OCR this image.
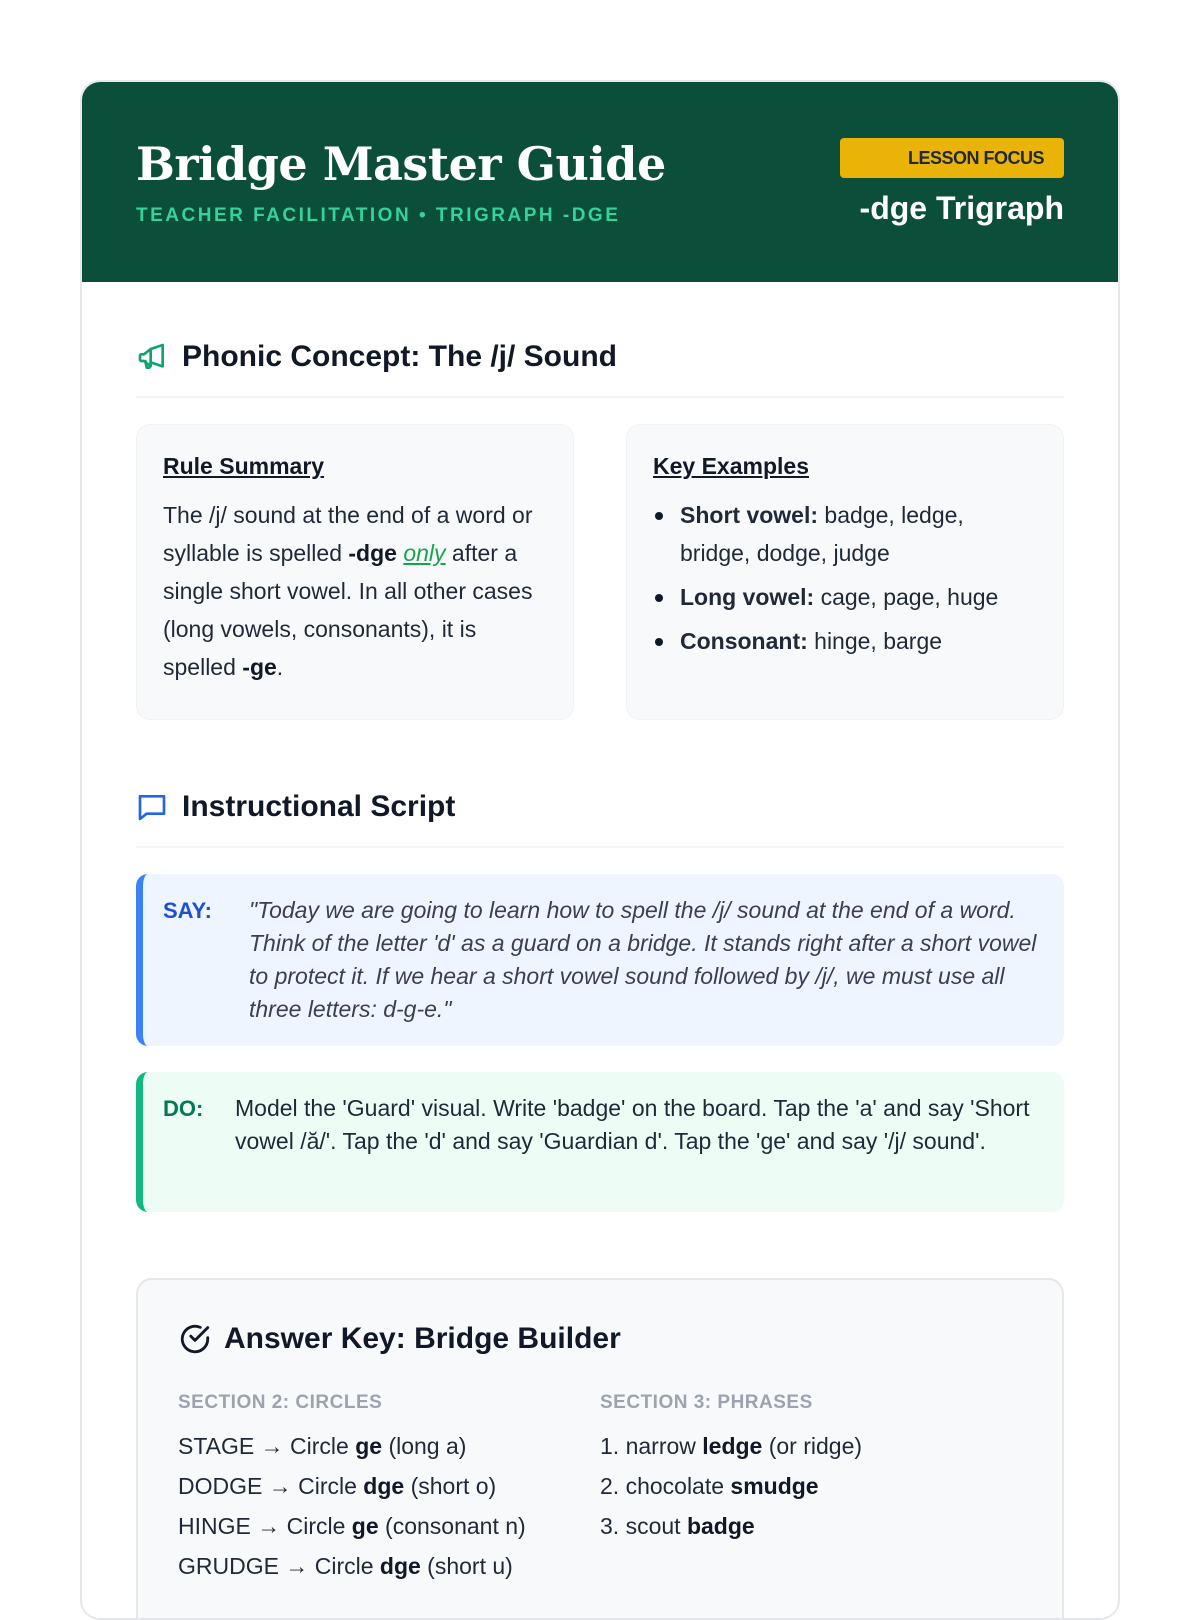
Bridge Master Guide
TEACHER FACILITATION • TRIGRAPH -DGE
LESSON FOCUS
-dge Trigraph
Phonic Concept: The /j/ Sound
Rule Summary

The /j/ sound at the end of a word or syllable is spelled -dge only after a single short vowel. In all other cases (long vowels, consonants), it is spelled -ge.

Key Examples
Short vowel: badge, ledge, bridge, dodge, judge
Long vowel: cage, page, huge
Consonant: hinge, barge
Instructional Script
SAY:	"Today we are going to learn how to spell the /j/ sound at the end of a word. Think of the letter 'd' as a guard on a bridge. It stands right after a short vowel to protect it. If we hear a short vowel sound followed by /j/, we must use all three letters: d-g-e."
DO:	Model the 'Guard' visual. Write 'badge' on the board. Tap the 'a' and say 'Short vowel /ă/'. Tap the 'd' and say 'Guardian d'. Tap the 'ge' and say '/j/ sound'.
Answer Key: Bridge Builder
SECTION 2: CIRCLES
STAGE → Circle ge (long a)
DODGE → Circle dge (short o)
HINGE → Circle ge (consonant n)
GRUDGE → Circle dge (short u)
SECTION 3: PHRASES
1. narrow ledge (or ridge)
2. chocolate smudge
3. scout badge
